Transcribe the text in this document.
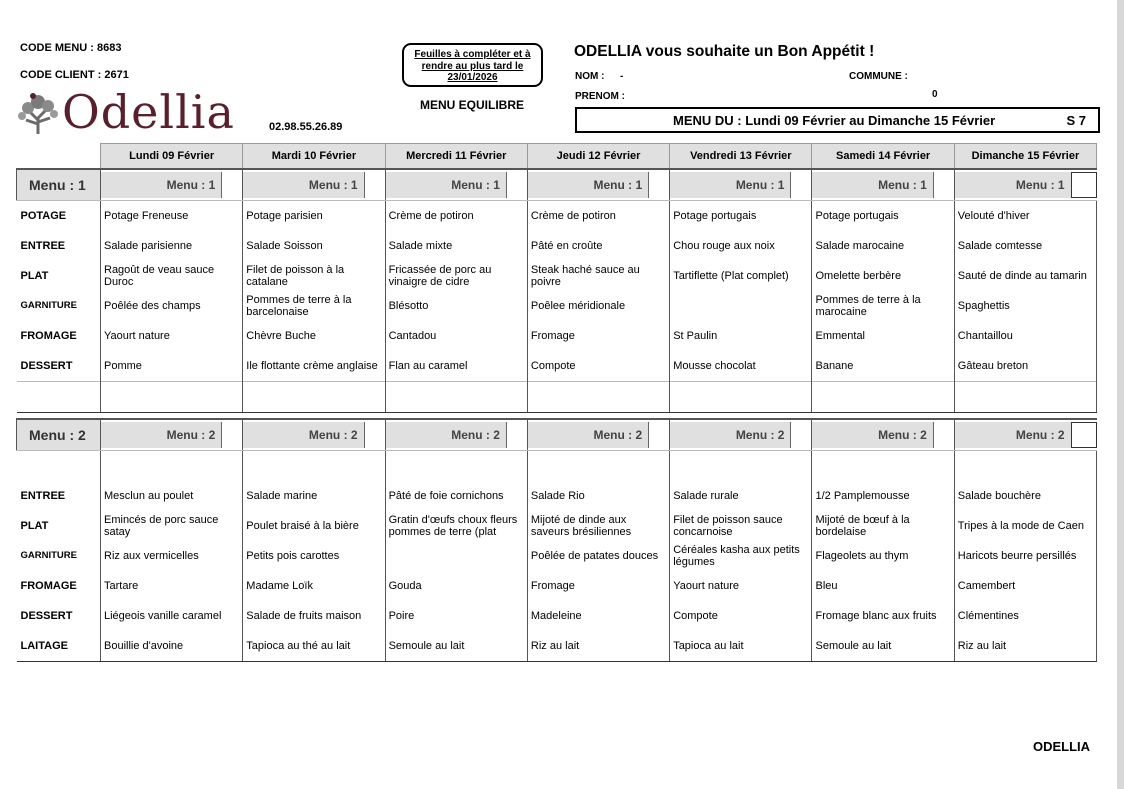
CODE MENU : 8683
CODE CLIENT : 2671
Odellia	02.98.55.26.89
Feuilles à compléter et à rendre au plus tard le 23/01/2026
MENU EQUILIBRE
ODELLIA vous souhaite un Bon Appétit !
NOM : -
PRENOM :
COMMUNE :
0
MENU DU : Lundi 09 Février au Dimanche 15 Février	S 7
	Lundi 09 Février	Mardi 10 Février	Mercredi 11 Février	Jeudi 12 Février	Vendredi 13 Février	Samedi 14 Février	Dimanche 15 Février
Menu : 1	Menu : 1	Menu : 1	Menu : 1	Menu : 1	Menu : 1	Menu : 1	Menu : 1

POTAGE	Potage Freneuse	Potage parisien	Crème de potiron	Crème de potiron	Potage portugais	Potage portugais	Velouté d'hiver
ENTREE	Salade parisienne	Salade Soisson	Salade mixte	Pâté en croûte	Chou rouge aux noix	Salade marocaine	Salade comtesse
PLAT	Ragoût de veau sauce Duroc	Filet de poisson à la catalane	Fricassée de porc au vinaigre de cidre	Steak haché sauce au poivre	Tartiflette (Plat complet)	Omelette berbère	Sauté de dinde au tamarin
GARNITURE	Poêlée des champs	Pommes de terre à la barcelonaise	Blésotto	Poêlee méridionale		Pommes de terre à la marocaine	Spaghettis
FROMAGE	Yaourt nature	Chèvre Buche	Cantadou	Fromage	St Paulin	Emmental	Chantaillou
DESSERT	Pomme	Ile flottante crème anglaise	Flan au caramel	Compote	Mousse chocolat	Banane	Gâteau breton

Menu : 2	Menu : 2	Menu : 2	Menu : 2	Menu : 2	Menu : 2	Menu : 2	Menu : 2

ENTREE	Mesclun au poulet	Salade marine	Pâté de foie cornichons	Salade Rio	Salade rurale	1/2 Pamplemousse	Salade bouchère
PLAT	Emincés de porc sauce satay	Poulet braisé à la bière	Gratin d'œufs choux fleurs pommes de terre (plat	Mijoté de dinde aux saveurs brésiliennes	Filet de poisson sauce concarnoise	Mijoté de bœuf à la bordelaise	Tripes à la mode de Caen
GARNITURE	Riz aux vermicelles	Petits pois carottes		Poêlée de patates douces	Céréales kasha aux petits légumes	Flageolets au thym	Haricots beurre persillés
FROMAGE	Tartare	Madame Loïk	Gouda	Fromage	Yaourt nature	Bleu	Camembert
DESSERT	Liégeois vanille caramel	Salade de fruits maison	Poire	Madeleine	Compote	Fromage blanc aux fruits	Clémentines
LAITAGE	Bouillie d'avoine	Tapioca au thé au lait	Semoule au lait	Riz au lait	Tapioca au lait	Semoule au lait	Riz au lait
ODELLIA
